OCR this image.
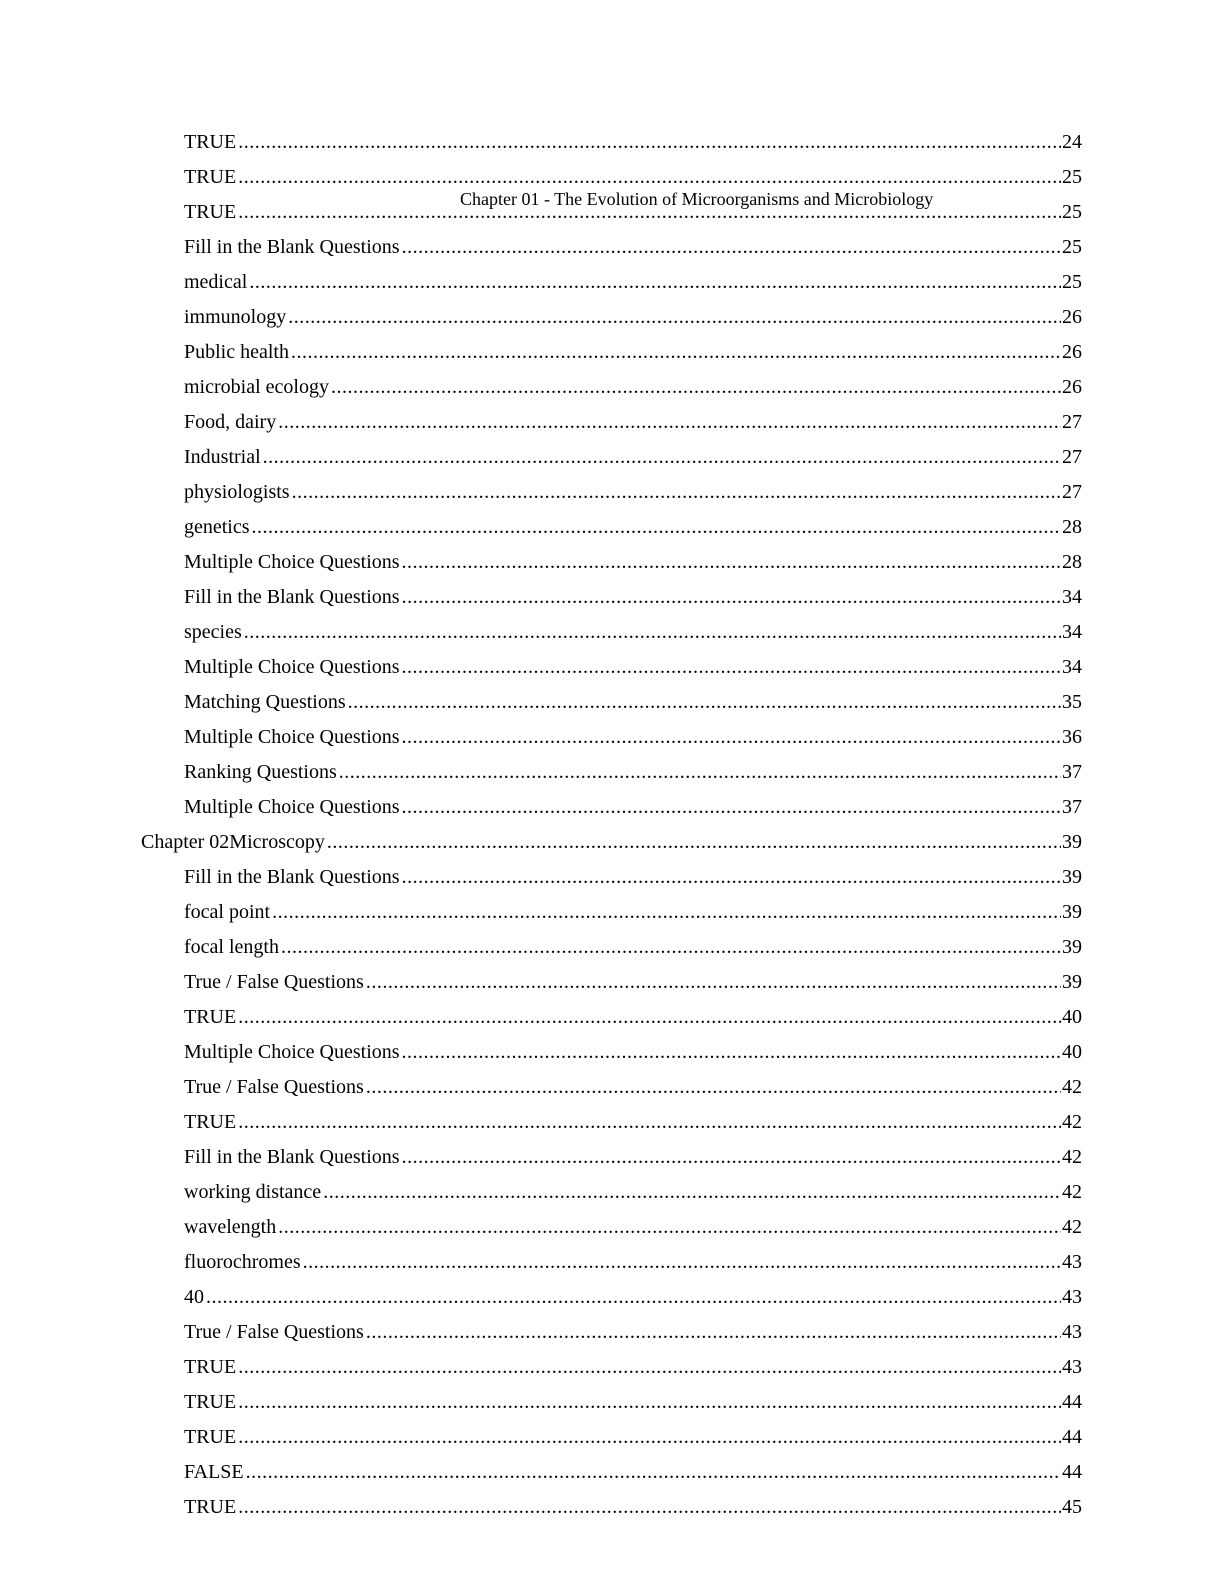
Chapter 01 - The Evolution of Microorganisms and Microbiology
TRUE .....	24
TRUE .....	25
TRUE .....	25
Fill in the Blank Questions .....	25
medical .....	25
immunology .....	26
Public health .....	26
microbial ecology .....	26
Food, dairy .....	27
Industrial .....	27
physiologists .....	27
genetics .....	28
Multiple Choice Questions .....	28
Fill in the Blank Questions .....	34
species .....	34
Multiple Choice Questions .....	34
Matching Questions .....	35
Multiple Choice Questions .....	36
Ranking Questions .....	37
Multiple Choice Questions .....	37
Chapter 02Microscopy .....	39
Fill in the Blank Questions .....	39
focal point .....	39
focal length .....	39
True / False Questions .....	39
TRUE .....	40
Multiple Choice Questions .....	40
True / False Questions .....	42
TRUE .....	42
Fill in the Blank Questions .....	42
working distance .....	42
wavelength .....	42
fluorochromes .....	43
40 .....	43
True / False Questions .....	43
TRUE .....	43
TRUE .....	44
TRUE .....	44
FALSE .....	44
TRUE .....	45
